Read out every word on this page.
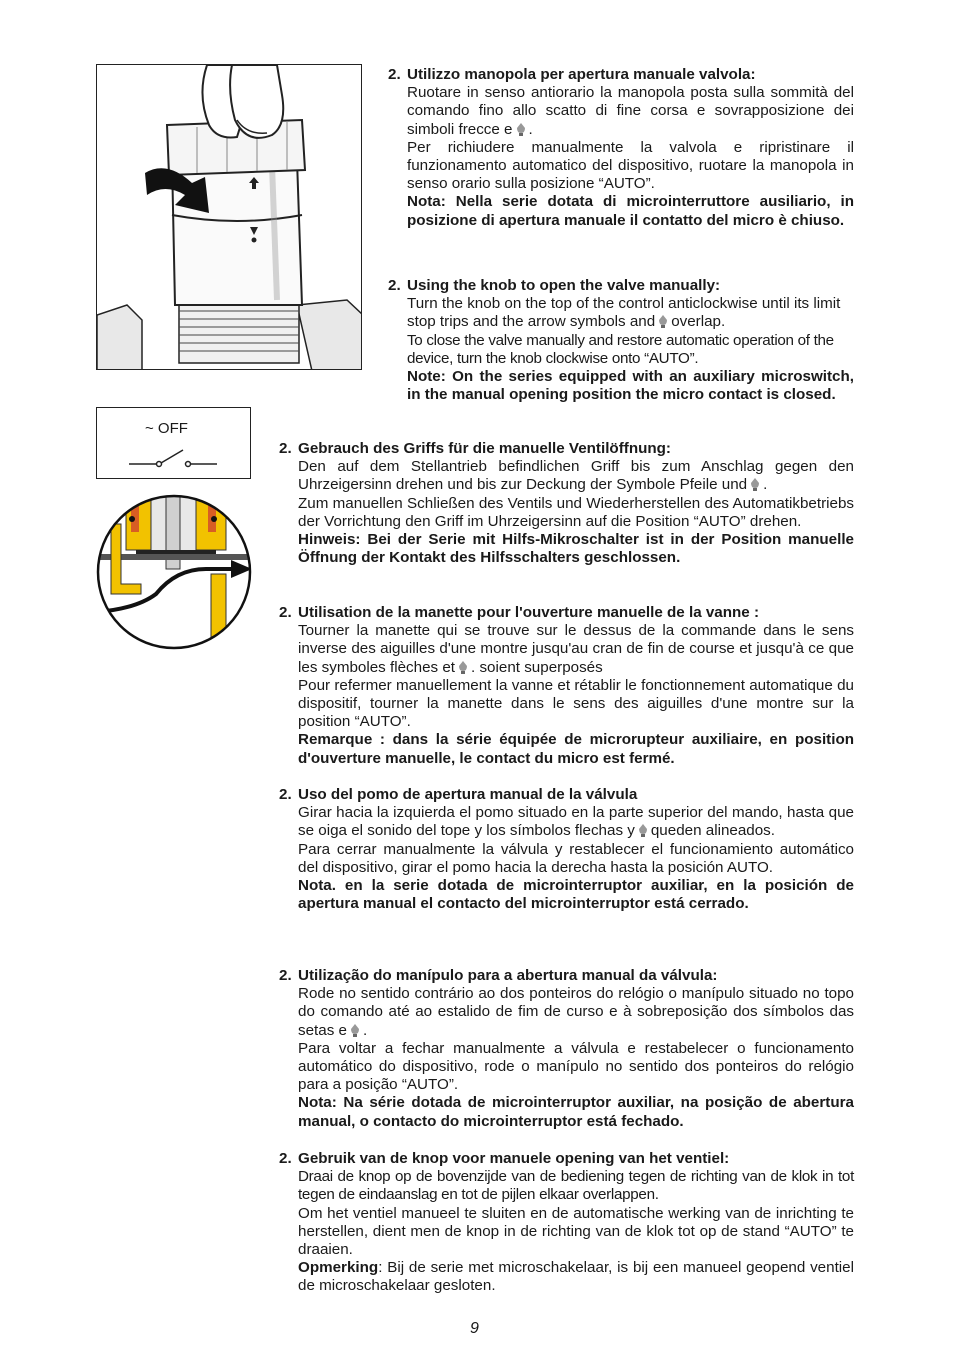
~ OFF
2. Utilizzo manopola per apertura manuale valvola:

Ruotare in senso antiorario la manopola posta sulla sommità del comando fino allo scatto di fine corsa e sovrapposizione dei simboli frecce e .

Per richiudere manualmente la valvola e ripristinare il funzionamento automatico del dispositivo, ruotare la manopola in senso orario sulla posizione “AUTO”.

Nota: Nella serie dotata di microinterruttore ausiliario, in posizione di apertura manuale il contatto del micro è chiuso.

2. Using the knob to open the valve manually:

Turn the knob on the top of the control anticlockwise until its limit stop trips and the arrow symbols and overlap.

To close the valve manually and restore automatic operation of the device, turn the knob clockwise onto “AUTO”.

Note: On the series equipped with an auxiliary microswitch, in the manual opening position the micro contact is closed.

2. Gebrauch des Griffs für die manuelle Ventilöffnung:

Den auf dem Stellantrieb befindlichen Griff bis zum Anschlag gegen den Uhrzeigersinn drehen und bis zur Deckung der Symbole Pfeile und .

Zum manuellen Schließen des Ventils und Wiederherstellen des Automatikbetriebs der Vorrichtung den Griff im Uhrzeigersinn auf die Position “AUTO” drehen.

Hinweis: Bei der Serie mit Hilfs-Mikroschalter ist in der Position manuelle Öffnung der Kontakt des Hilfsschalters geschlossen.

2. Utilisation de la manette pour l'ouverture manuelle de la vanne :

Tourner la manette qui se trouve sur le dessus de la commande dans le sens inverse des aiguilles d'une montre jusqu'au cran de fin de course et jusqu'à ce que les symboles flèches et . soient superposés

Pour refermer manuellement la vanne et rétablir le fonctionnement automatique du dispositif, tourner la manette dans le sens des aiguilles d'une montre sur la position “AUTO”.

Remarque : dans la série équipée de microrupteur auxiliaire, en position d'ouverture manuelle, le contact du micro est fermé.

2. Uso del pomo de apertura manual de la válvula

Girar hacia la izquierda el pomo situado en la parte superior del mando, hasta que se oiga el sonido del tope y los símbolos flechas y queden alineados.

Para cerrar manualmente la válvula y restablecer el funcionamiento automático del dispositivo, girar el pomo hacia la derecha hasta la posición AUTO.

Nota. en la serie dotada de microinterruptor auxiliar, en la posición de apertura manual el contacto del microinterruptor está cerrado.

2. Utilização do manípulo para a abertura manual da válvula:

Rode no sentido contrário ao dos ponteiros do relógio o manípulo situado no topo do comando até ao estalido de fim de curso e à sobreposição dos símbolos das setas e .

Para voltar a fechar manualmente a válvula e restabelecer o funcionamento automático do dispositivo, rode o manípulo no sentido dos ponteiros do relógio para a posição “AUTO”.

Nota: Na série dotada de microinterruptor auxiliar, na posição de abertura manual, o contacto do microinterruptor está fechado.

2. Gebruik van de knop voor manuele opening van het ventiel:

Draai de knop op de bovenzijde van de bediening tegen de richting van de klok in tot tegen de eindaanslag en tot de pijlen elkaar overlappen.

Om het ventiel manueel te sluiten en de automatische werking van de inrichting te herstellen, dient men de knop in de richting van de klok tot op de stand “AUTO” te draaien.

Opmerking: Bij de serie met microschakelaar, is bij een manueel geopend ventiel de microschakelaar gesloten.

9
